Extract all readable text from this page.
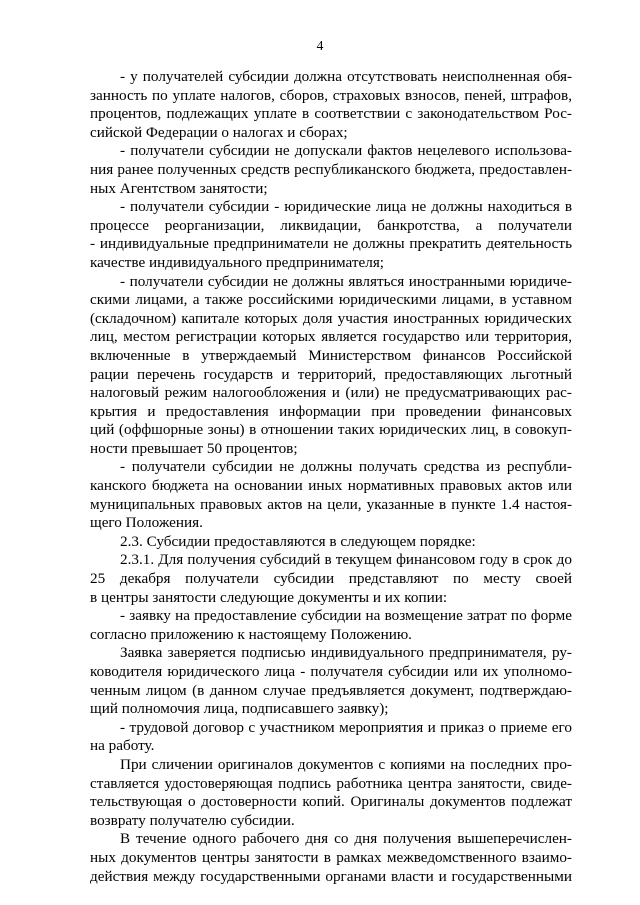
4
- у получателей субсидии должна отсутствовать неисполненная обя-
занность по уплате налогов, сборов, страховых взносов, пеней, штрафов,
процентов, подлежащих уплате в соответствии с законодательством Рос-
сийской Федерации о налогах и сборах;
- получатели субсидии не допускали фактов нецелевого использова-
ния ранее полученных средств республиканского бюджета, предоставлен-
ных Агентством занятости;
- получатели субсидии - юридические лица не должны находиться в
процессе реорганизации, ликвидации, банкротства, а получатели
- индивидуальные предприниматели не должны прекратить деятельность
качестве индивидуального предпринимателя;
- получатели субсидии не должны являться иностранными юридиче-
скими лицами, а также российскими юридическими лицами, в уставном
(складочном) капитале которых доля участия иностранных юридических
лиц, местом регистрации которых является государство или территория,
включенные в утверждаемый Министерством финансов Российской
рации перечень государств и территорий, предоставляющих льготный
налоговый режим налогообложения и (или) не предусматривающих рас-
крытия и предоставления информации при проведении финансовых
ций (оффшорные зоны) в отношении таких юридических лиц, в совокуп-
ности превышает 50 процентов;
- получатели субсидии не должны получать средства из республи-
канского бюджета на основании иных нормативных правовых актов или
муниципальных правовых актов на цели, указанные в пункте 1.4 настоя-
щего Положения.
2.3. Субсидии предоставляются в следующем порядке:
2.3.1. Для получения субсидий в текущем финансовом году в срок до
25 декабря получатели субсидии представляют по месту своей
в центры занятости следующие документы и их копии:
- заявку на предоставление субсидии на возмещение затрат по форме
согласно приложению к настоящему Положению.
Заявка заверяется подписью индивидуального предпринимателя, ру-
ководителя юридического лица - получателя субсидии или их уполномо-
ченным лицом (в данном случае предъявляется документ, подтверждаю-
щий полномочия лица, подписавшего заявку);
- трудовой договор с участником мероприятия и приказ о приеме его
на работу.
При сличении оригиналов документов с копиями на последних про-
ставляется удостоверяющая подпись работника центра занятости, свиде-
тельствующая о достоверности копий. Оригиналы документов подлежат
возврату получателю субсидии.
В течение одного рабочего дня со дня получения вышеперечислен-
ных документов центры занятости в рамках межведомственного взаимо-
действия между государственными органами власти и государственными
